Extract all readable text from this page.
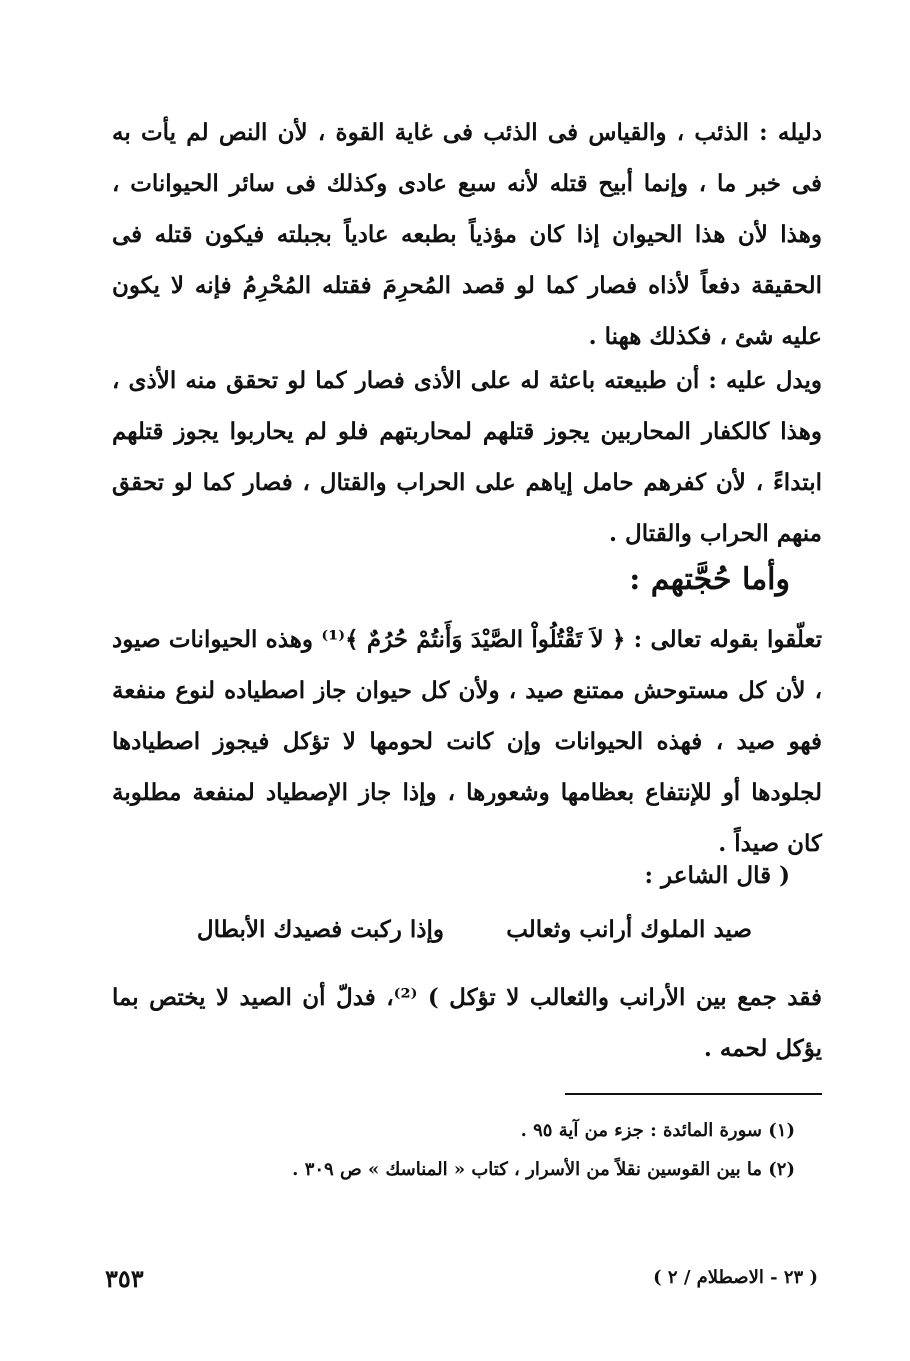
دليله : الذئب ، والقياس فى الذئب فى غاية القوة ، لأن النص لم يأت به فى خبر ما ، وإنما أبيح قتله لأنه سبع عادى وكذلك فى سائر الحيوانات ، وهذا لأن هذا الحيوان إذا كان مؤذياً بطبعه عادياً بجبلته فيكون قتله فى الحقيقة دفعاً لأذاه فصار كما لو قصد المُحرِمَ فقتله المُحْرِمُ فإنه لا يكون عليه شئ ، فكذلك ههنا .
ويدل عليه : أن طبيعته باعثة له على الأذى فصار كما لو تحقق منه الأذى ، وهذا كالكفار المحاربين يجوز قتلهم لمحاربتهم فلو لم يحاربوا يجوز قتلهم ابتداءً ، لأن كفرهم حامل إياهم على الحراب والقتال ، فصار كما لو تحقق منهم الحراب والقتال .
وأما حُجَّتهم :
تعلّقوا بقوله تعالى : ﴿ لاَ تَقْتُلُواْ الصَّيْدَ وَأَنتُمْ حُرُمٌ ﴾⁽¹⁾ وهذه الحيوانات صيود ، لأن كل مستوحش ممتنع صيد ، ولأن كل حيوان جاز اصطياده لنوع منفعة فهو صيد ، فهذه الحيوانات وإن كانت لحومها لا تؤكل فيجوز اصطيادها لجلودها أو للإنتفاع بعظامها وشعورها ، وإذا جاز الإصطياد لمنفعة مطلوبة كان صيداً .
( قال الشاعر :
صيد الملوك أرانب وثعالب
وإذا ركبت فصيدك الأبطال
فقد جمع بين الأرانب والثعالب لا تؤكل ) ⁽²⁾، فدلّ أن الصيد لا يختص بما يؤكل لحمه .
(١) سورة المائدة : جزء من آية ٩٥ .
(٢) ما بين القوسين نقلاً من الأسرار ، كتاب « المناسك » ص ٣٠٩ .
٣٥٣	( ٢٣ - الاصطلام / ٢ )
